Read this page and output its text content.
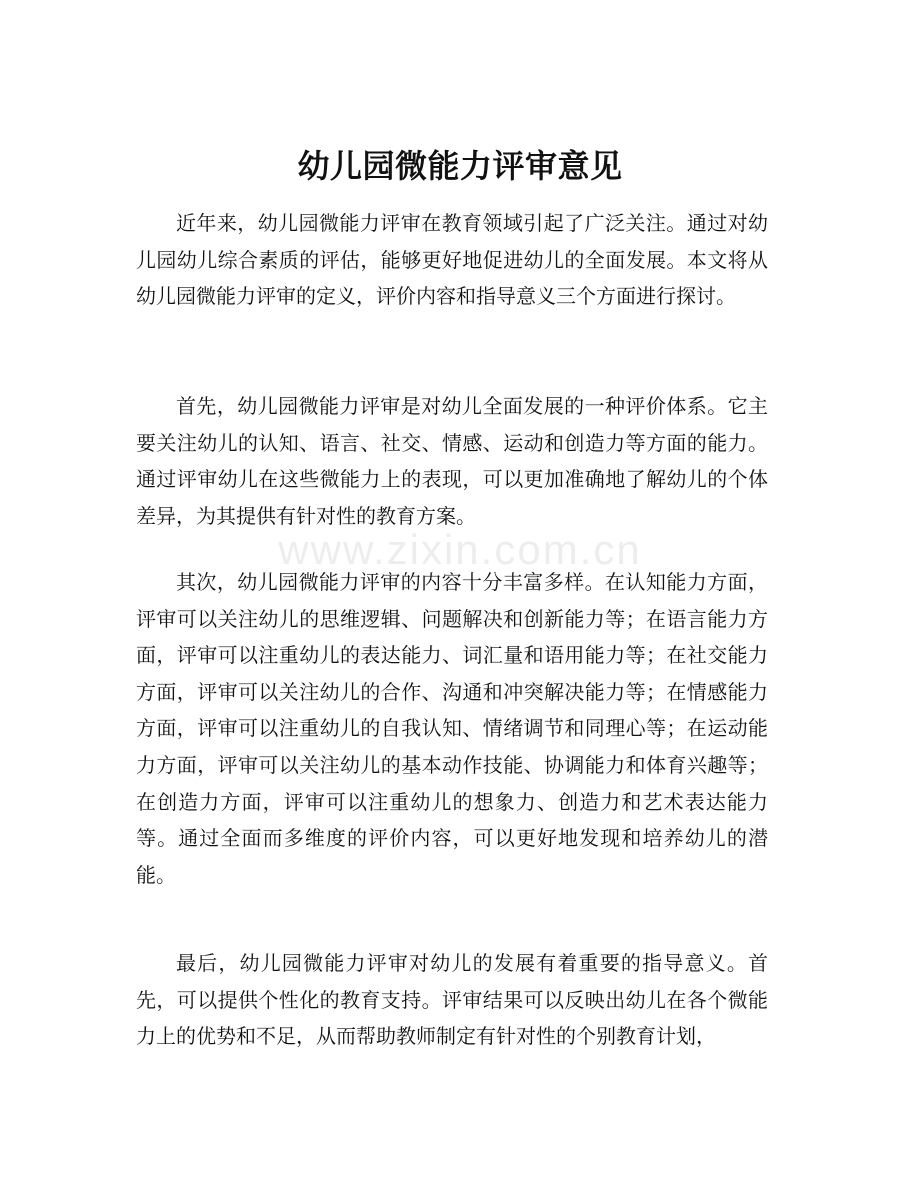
www.zixin.com.cn
幼儿园微能力评审意见

近年来，幼儿园微能力评审在教育领域引起了广泛关注。通过对幼儿园幼儿综合素质的评估，能够更好地促进幼儿的全面发展。本文将从幼儿园微能力评审的定义，评价内容和指导意义三个方面进行探讨。

首先，幼儿园微能力评审是对幼儿全面发展的一种评价体系。它主要关注幼儿的认知、语言、社交、情感、运动和创造力等方面的能力。通过评审幼儿在这些微能力上的表现，可以更加准确地了解幼儿的个体差异，为其提供有针对性的教育方案。

其次，幼儿园微能力评审的内容十分丰富多样。在认知能力方面，评审可以关注幼儿的思维逻辑、问题解决和创新能力等；在语言能力方面，评审可以注重幼儿的表达能力、词汇量和语用能力等；在社交能力方面，评审可以关注幼儿的合作、沟通和冲突解决能力等；在情感能力方面，评审可以注重幼儿的自我认知、情绪调节和同理心等；在运动能力方面，评审可以关注幼儿的基本动作技能、协调能力和体育兴趣等；在创造力方面，评审可以注重幼儿的想象力、创造力和艺术表达能力等。通过全面而多维度的评价内容，可以更好地发现和培养幼儿的潜能。

最后，幼儿园微能力评审对幼儿的发展有着重要的指导意义。首先，可以提供个性化的教育支持。评审结果可以反映出幼儿在各个微能力上的优势和不足，从而帮助教师制定有针对性的个别教育计划，
